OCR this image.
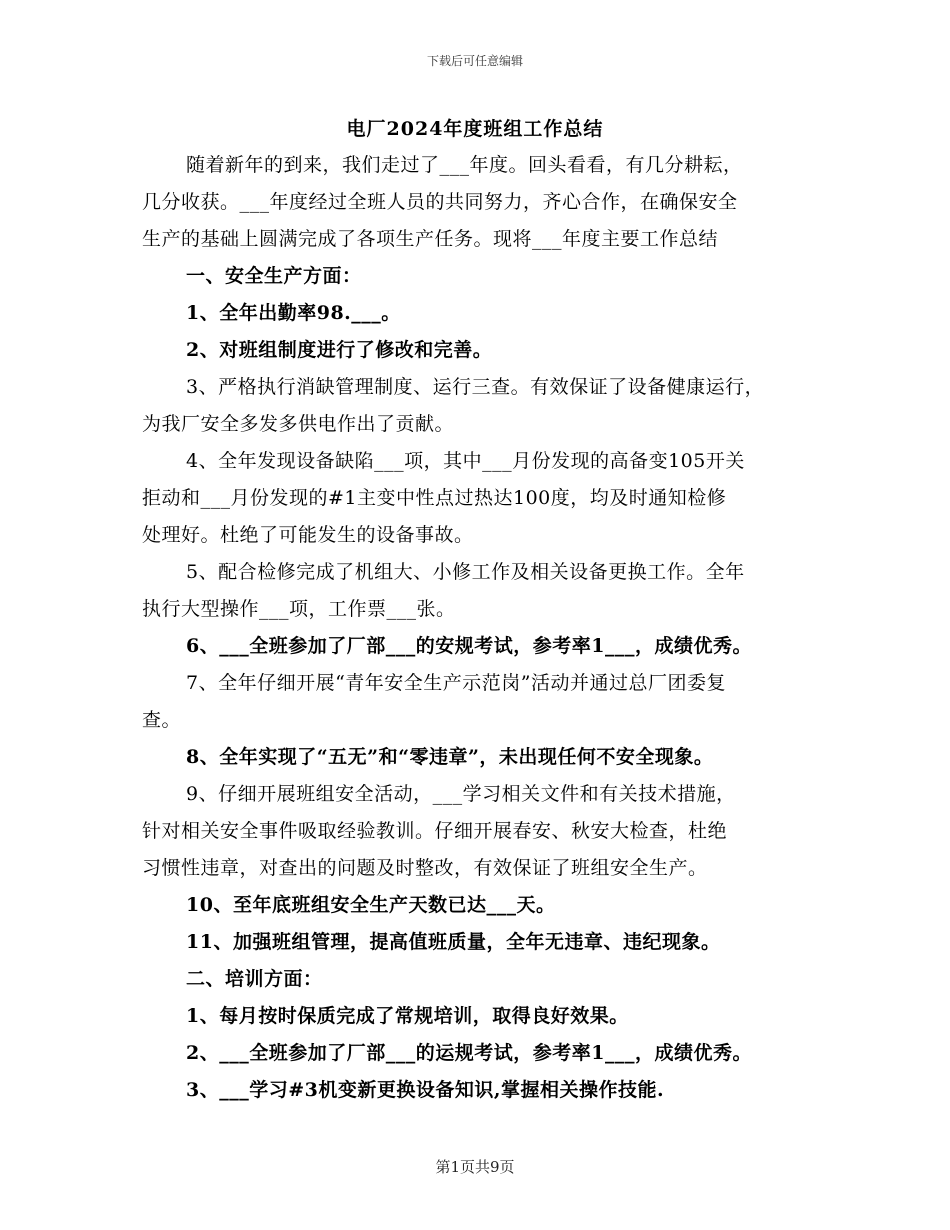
下载后可任意编辑
电厂2024年度班组工作总结
随着新年的到来，我们走过了___年度。回头看看，有几分耕耘，
几分收获。___年度经过全班人员的共同努力，齐心合作，在确保安全
生产的基础上圆满完成了各项生产任务。现将___年度主要工作总结
一、安全生产方面：
1、全年出勤率98.___。
2、对班组制度进行了修改和完善。
3、严格执行消缺管理制度、运行三查。有效保证了设备健康运行，
为我厂安全多发多供电作出了贡献。
4、全年发现设备缺陷___项，其中___月份发现的高备变105开关
拒动和___月份发现的#1主变中性点过热达100度，均及时通知检修
处理好。杜绝了可能发生的设备事故。
5、配合检修完成了机组大、小修工作及相关设备更换工作。全年
执行大型操作___项，工作票___张。
6、___全班参加了厂部___的安规考试，参考率1___，成绩优秀。
7、全年仔细开展“青年安全生产示范岗”活动并通过总厂团委复
查。
8、全年实现了“五无”和“零违章”，未出现任何不安全现象。
9、仔细开展班组安全活动，___学习相关文件和有关技术措施，
针对相关安全事件吸取经验教训。仔细开展春安、秋安大检查，杜绝
习惯性违章，对查出的问题及时整改，有效保证了班组安全生产。
10、至年底班组安全生产天数已达___天。
11、加强班组管理，提高值班质量，全年无违章、违纪现象。
二、培训方面：
1、每月按时保质完成了常规培训，取得良好效果。
2、___全班参加了厂部___的运规考试，参考率1___，成绩优秀。
3、___学习#3机变新更换设备知识,掌握相关操作技能.
第1页共9页
